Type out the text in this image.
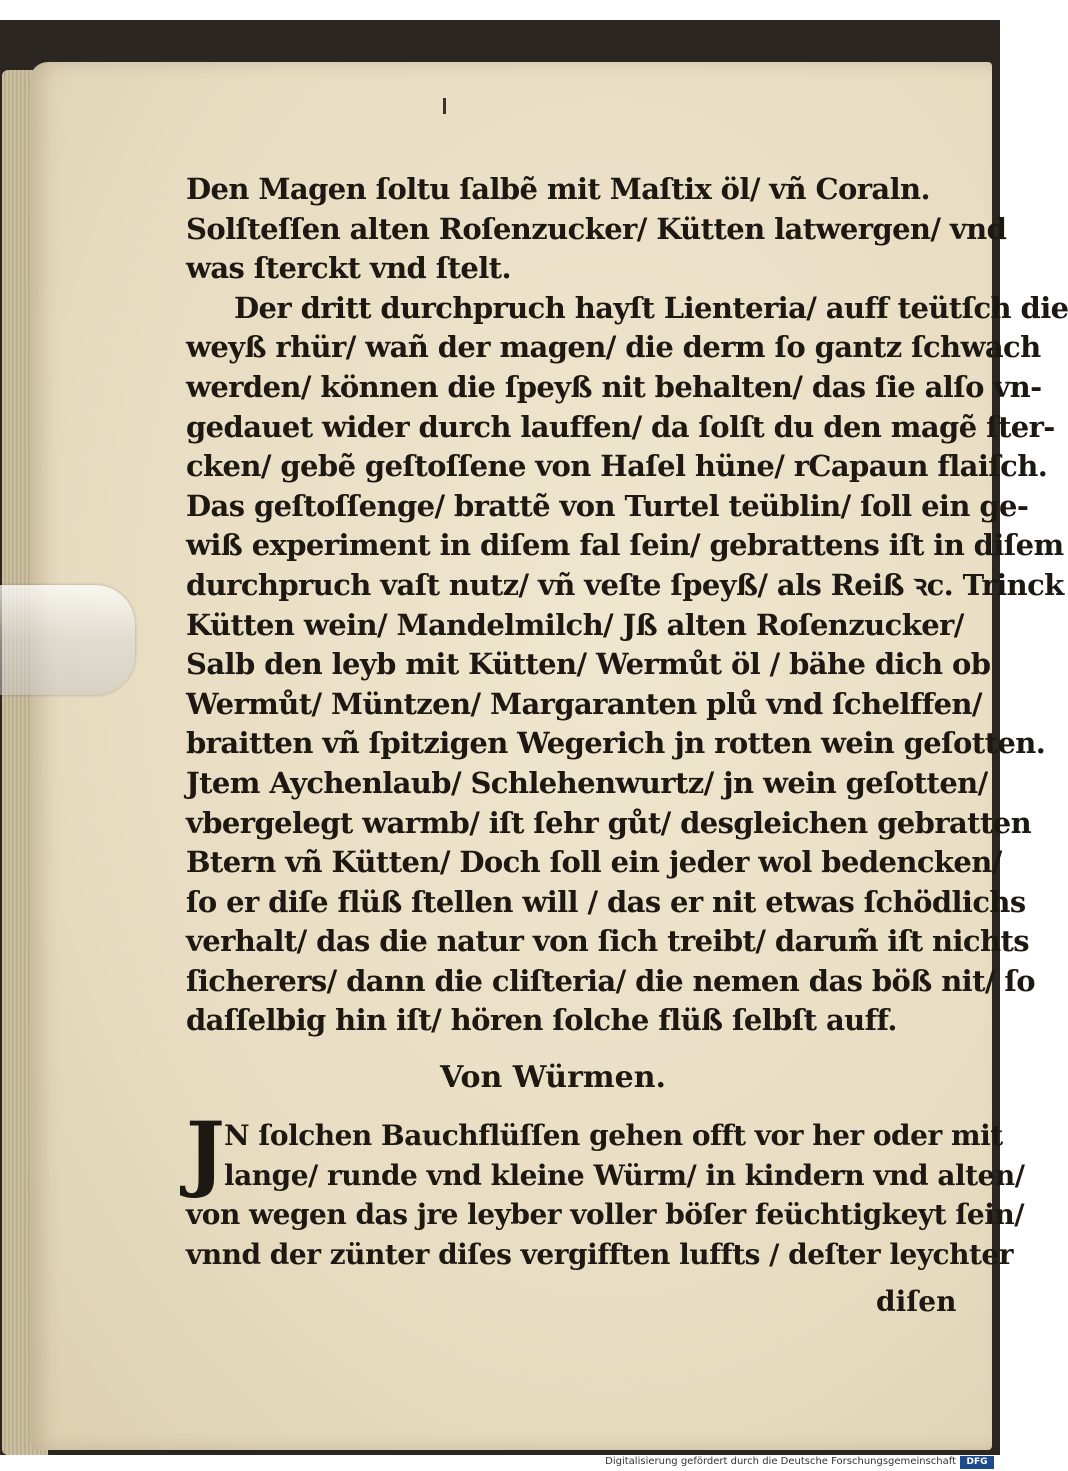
Den Magen ſoltu ſalbẽ mit Maſtix öl/ vñ Coraln.
Solſteſſen alten Roſenzucker/ Kütten latwergen/ vnd
was ſterckt vnd ſtelt.
Der dritt durchpruch hayſt Lienteria/ auff teütſch die
weyß rhür/ wañ der magen/ die derm ſo gantz ſchwach
werden/ können die ſpeyß nit behalten/ das ſie alſo vn-
gedauet wider durch lauffen/ da ſolſt du den magẽ ſter-
cken/ gebẽ geſtoſſene von Haſel hüne/ rCapaun flaiſch.
Das geſtoſſenge/ brattẽ von Turtel teüblin/ ſoll ein ge-
wiß experiment in diſem fal ſein/ gebrattens iſt in diſem
durchpruch vaſt nutz/ vñ veſte ſpeyß/ als Reiß ꝛc. Trinck
Kütten wein/ Mandelmilch/ Jß alten Roſenzucker/
Salb den leyb mit Kütten/ Wermůt öl / bähe dich ob
Wermůt/ Müntzen/ Margaranten plů vnd ſchelffen/
braitten vñ ſpitzigen Wegerich jn rotten wein geſotten.
Jtem Aychenlaub/ Schlehenwurtz/ jn wein geſotten/
vbergelegt warmb/ iſt ſehr gůt/ desgleichen gebratten
Btern vñ Kütten/ Doch ſoll ein jeder wol bedencken/
ſo er diſe flüß ſtellen will / das er nit etwas ſchödlichs
verhalt/ das die natur von ſich treibt/ darum̃ iſt nichts
ſicherers/ dann die cliſteria/ die nemen das böß nit/ ſo
daſſelbig hin iſt/ hören ſolche flüß ſelbſt auff.
Von Würmen.
J N ſolchen Bauchflüſſen gehen offt vor her oder mit
lange/ runde vnd kleine Würm/ in kindern vnd alten/
von wegen das jre leyber voller böſer feüchtigkeyt ſein/
vnnd der zünter diſes vergifften luffts / deſter leychter
diſen
Digitalisierung gefördert durch die Deutsche Forschungsgemeinschaft	DFG
